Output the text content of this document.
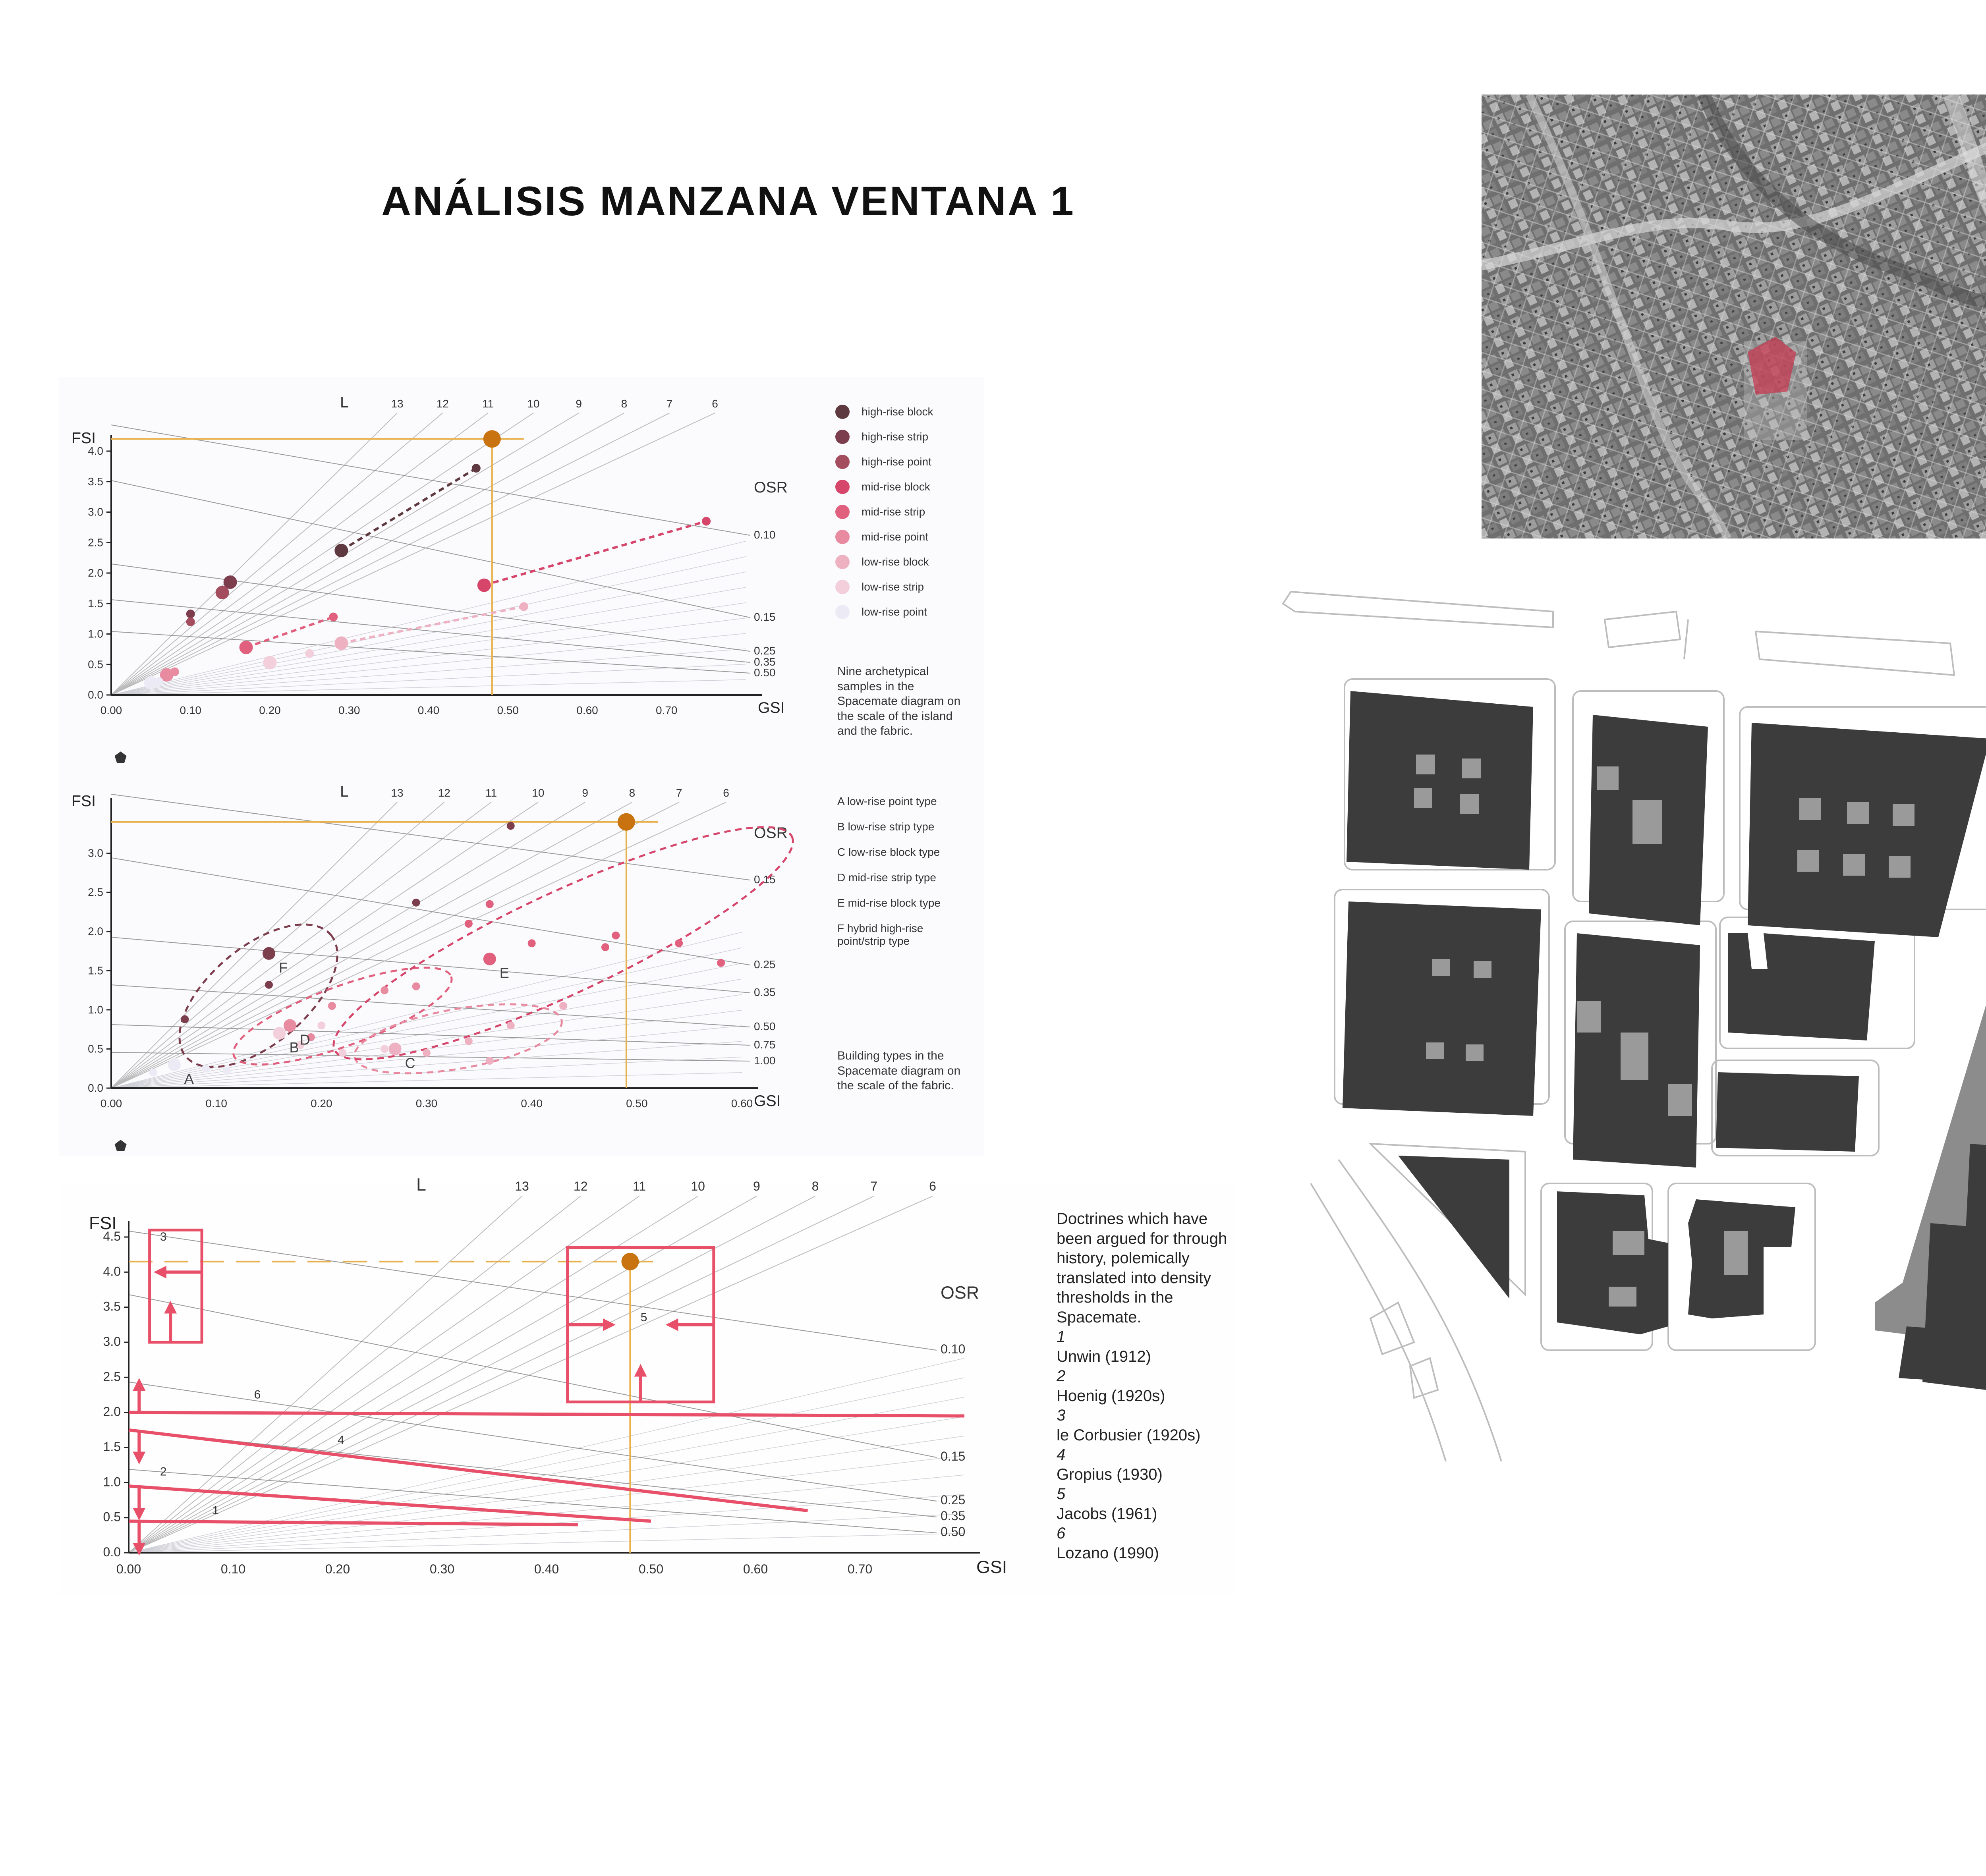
ANÁLISIS MANZANA VENTANA 1
13	12	11	10	9	8	7	6
0.10
0.15
0.25
0.35
0.50
OSR
L
0.00	0.10	0.20	0.30	0.40	0.50	0.60	0.70
0.0
0.5
1.0
1.5
2.0
2.5
3.0
3.5
4.0
GSI
FSI
⬟
high-rise block
high-rise strip
high-rise point
mid-rise block
mid-rise strip
mid-rise point
low-rise block
low-rise strip
low-rise point
Nine archetypical samples in the Spacemate diagram on the scale of the island and the fabric.
13	12	11	10	9	8	7	6
0.15
0.25
0.35
0.50
0.75
1.00
OSR
L
0.00	0.10	0.20	0.30	0.40	0.50	0.60
0.0
0.5
1.0
1.5
2.0
2.5
3.0
GSI
FSI
A
B
C
D
E
F
⬟
A low-rise point type
B low-rise strip type
C low-rise block type
D mid-rise strip type
E mid-rise block type
F hybrid high-rise point/strip type
Building types in the Spacemate diagram on the scale of the fabric.
13	12	11	10	9	8	7	6
0.10
0.15
0.25
0.35
0.50
OSR
L
0.00	0.10	0.20	0.30	0.40	0.50	0.60	0.70
0.0
0.5
1.0
1.5
2.0
2.5
3.0
3.5
4.0
4.5
GSI
FSI
1
2
3
4
5
6
Doctrines which have been argued for through history, polemically translated into density thresholds in the Spacemate.
1
Unwin (1912)
2
Hoenig (1920s)
3
le Corbusier (1920s)
4
Gropius (1930)
5
Jacobs (1961)
6
Lozano (1990)
